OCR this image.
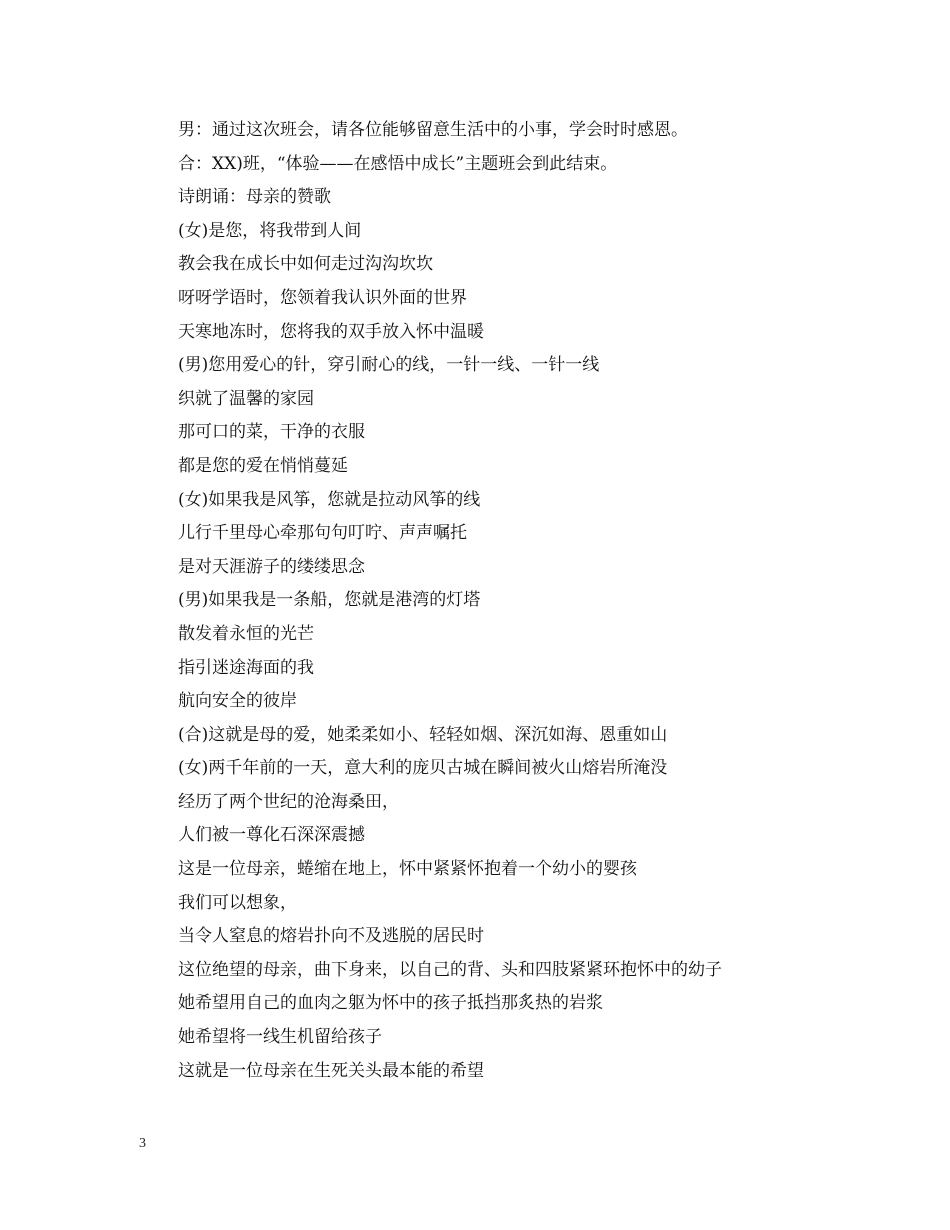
男：通过这次班会，请各位能够留意生活中的小事，学会时时感恩。
合：XX)班，“体验——在感悟中成长”主题班会到此结束。
诗朗诵：母亲的赞歌
(女)是您，将我带到人间
教会我在成长中如何走过沟沟坎坎
呀呀学语时，您领着我认识外面的世界
天寒地冻时，您将我的双手放入怀中温暖
(男)您用爱心的针，穿引耐心的线，一针一线、一针一线
织就了温馨的家园
那可口的菜，干净的衣服
都是您的爱在悄悄蔓延
(女)如果我是风筝，您就是拉动风筝的线
儿行千里母心牵那句句叮咛、声声嘱托
是对天涯游子的缕缕思念
(男)如果我是一条船，您就是港湾的灯塔
散发着永恒的光芒
指引迷途海面的我
航向安全的彼岸
(合)这就是母的爱，她柔柔如小、轻轻如烟、深沉如海、恩重如山
(女)两千年前的一天，意大利的庞贝古城在瞬间被火山熔岩所淹没
经历了两个世纪的沧海桑田，
人们被一尊化石深深震撼
这是一位母亲，蜷缩在地上，怀中紧紧怀抱着一个幼小的婴孩
我们可以想象，
当令人窒息的熔岩扑向不及逃脱的居民时
这位绝望的母亲，曲下身来，以自己的背、头和四肢紧紧环抱怀中的幼子
她希望用自己的血肉之躯为怀中的孩子抵挡那炙热的岩浆
她希望将一线生机留给孩子
这就是一位母亲在生死关头最本能的希望
3
